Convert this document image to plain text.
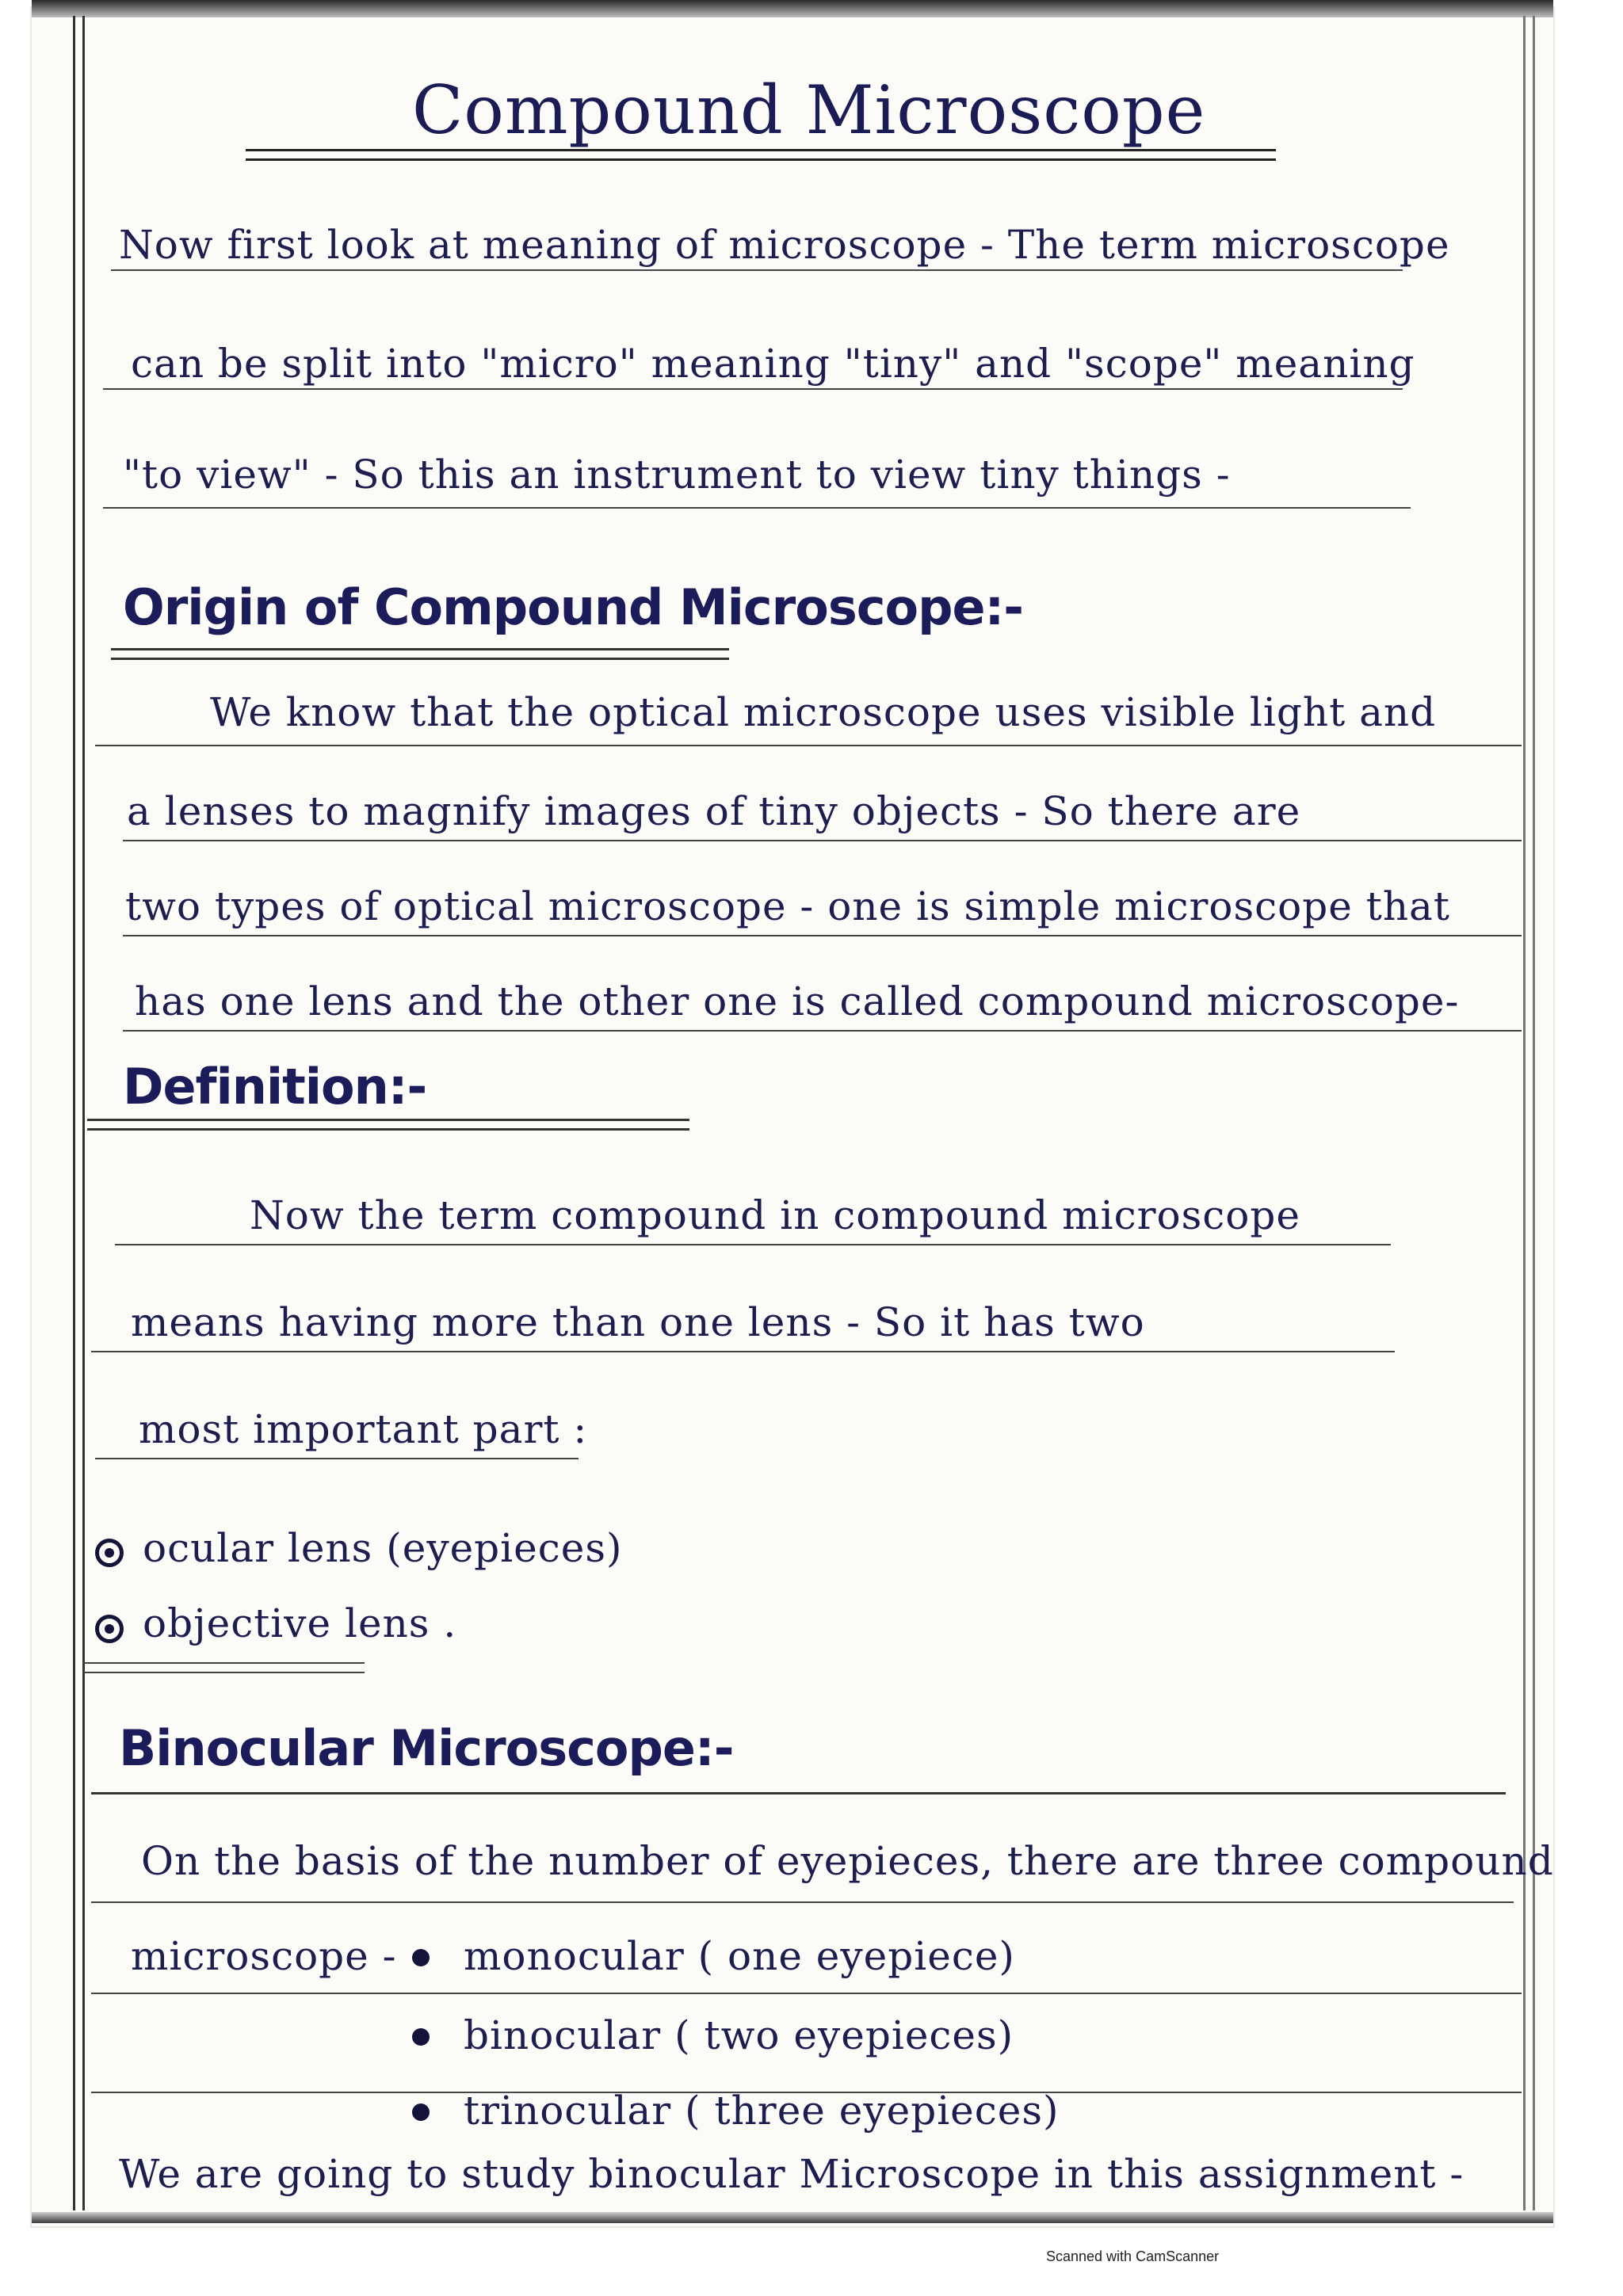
Compound Microscope
Now first look at meaning of microscope - The term microscope
can be split into "micro" meaning "tiny" and "scope" meaning
"to view" - So this an instrument to view tiny things -
Origin of Compound Microscope:-
We know that the optical microscope uses visible light and
a lenses to magnify images of tiny objects - So there are
two types of optical microscope - one is simple microscope that
has one lens and the other one is called compound microscope-
Definition:-
Now the term compound in compound microscope
means having more than one lens - So it has two
most important part :
ocular lens (eyepieces)
objective lens .
Binocular Microscope:-
On the basis of the number of eyepieces, there are three compound
microscope - monocular ( one eyepiece)
binocular ( two eyepieces)
trinocular ( three eyepieces)
We are going to study binocular Microscope in this assignment -
Scanned with CamScanner
